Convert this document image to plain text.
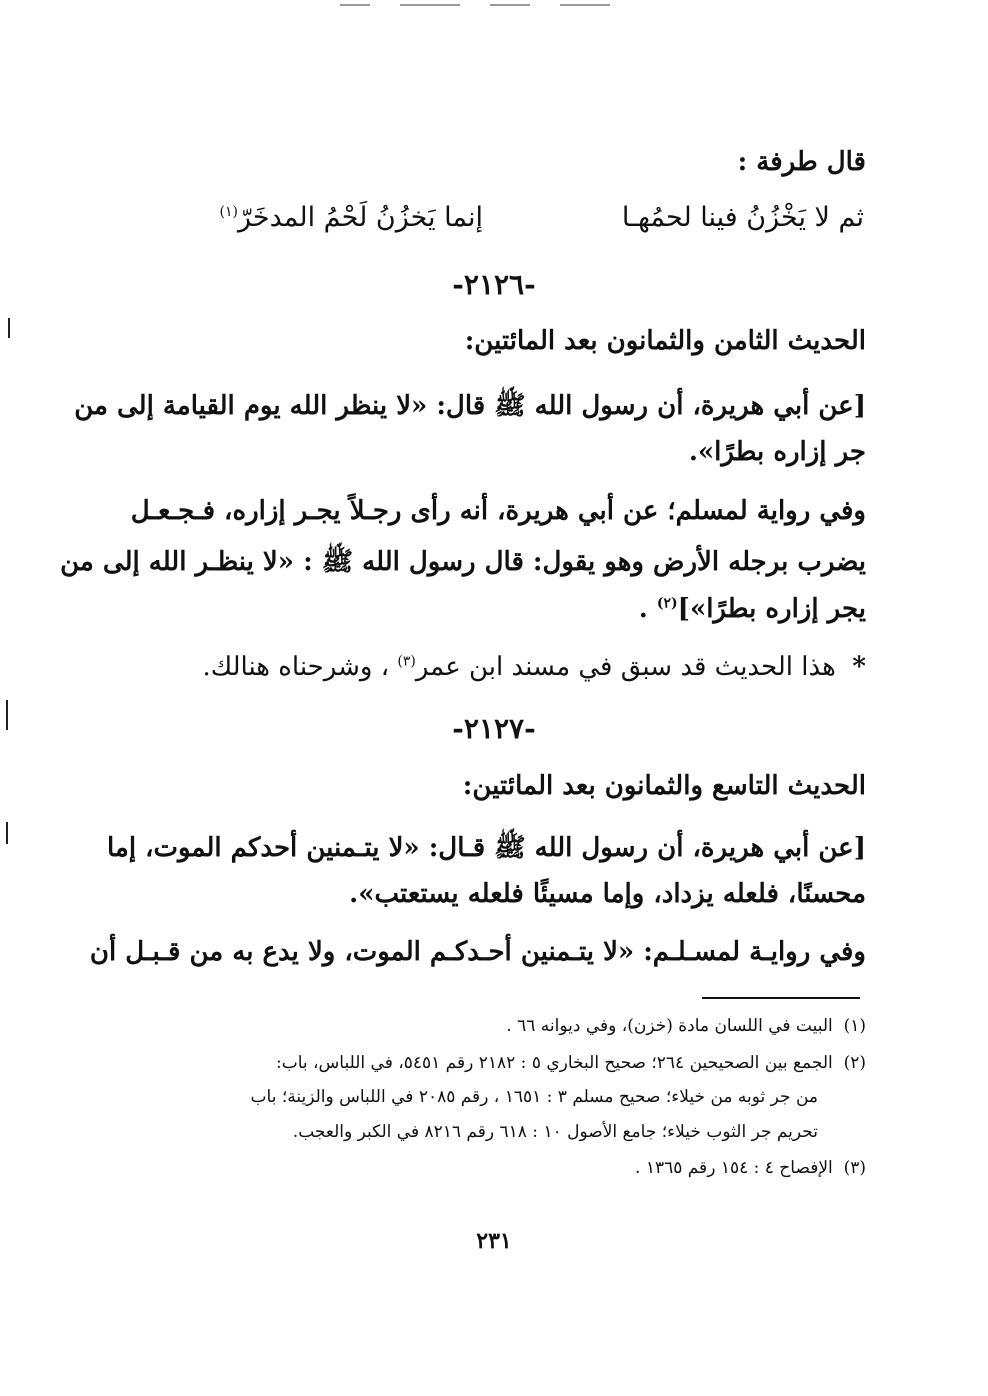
قال طرفة :
ثم لا يَخْزُنُ فينا لحمُهـا
إنما يَخزُنُ لَحْمُ المدخَرّ$^{(١)}$
-٢١٢٦-
الحديث الثامن والثمانون بعد المائتين:
[عن أبي هريرة، أن رسول الله ﷺ قال: «لا ينظر الله يوم القيامة إلى من
جر إزاره بطرًا».
وفي رواية لمسلم؛ عن أبي هريرة، أنه رأى رجـلاً يجـر إزاره، فـجـعـل
يضرب برجله الأرض وهو يقول: قال رسول الله ﷺ : «لا ينظـر الله إلى من
يجر إزاره بطرًا»]$^{(٢)}$ .
*  هذا الحديث قد سبق في مسند ابن عمر$^{(٣)}$ ، وشرحناه هنالك.
-٢١٢٧-
الحديث التاسع والثمانون بعد المائتين:
[عن أبي هريرة، أن رسول الله ﷺ قـال: «لا يتـمنين أحدكم الموت، إما
محسنًا، فلعله يزداد، وإما مسيئًا فلعله يستعتب».
وفي روايـة لمسـلـم: «لا يتـمنين أحـدكـم الموت، ولا يدع به من قـبـل أن
(١)  البيت في اللسان مادة (خزن)، وفي ديوانه ٦٦ .
(٢)  الجمع بين الصحيحين ٢٦٤؛ صحيح البخاري ٥ : ٢١٨٢ رقم ٥٤٥١، في اللباس، باب:
من جر ثوبه من خيلاء؛ صحيح مسلم ٣ : ١٦٥١ ، رقم ٢٠٨٥ في اللباس والزينة؛ باب
تحريم جر الثوب خيلاء؛ جامع الأصول ١٠ : ٦١٨ رقم ٨٢١٦ في الكبر والعجب.
(٣)  الإفصاح ٤ : ١٥٤ رقم ١٣٦٥ .
٢٣١
